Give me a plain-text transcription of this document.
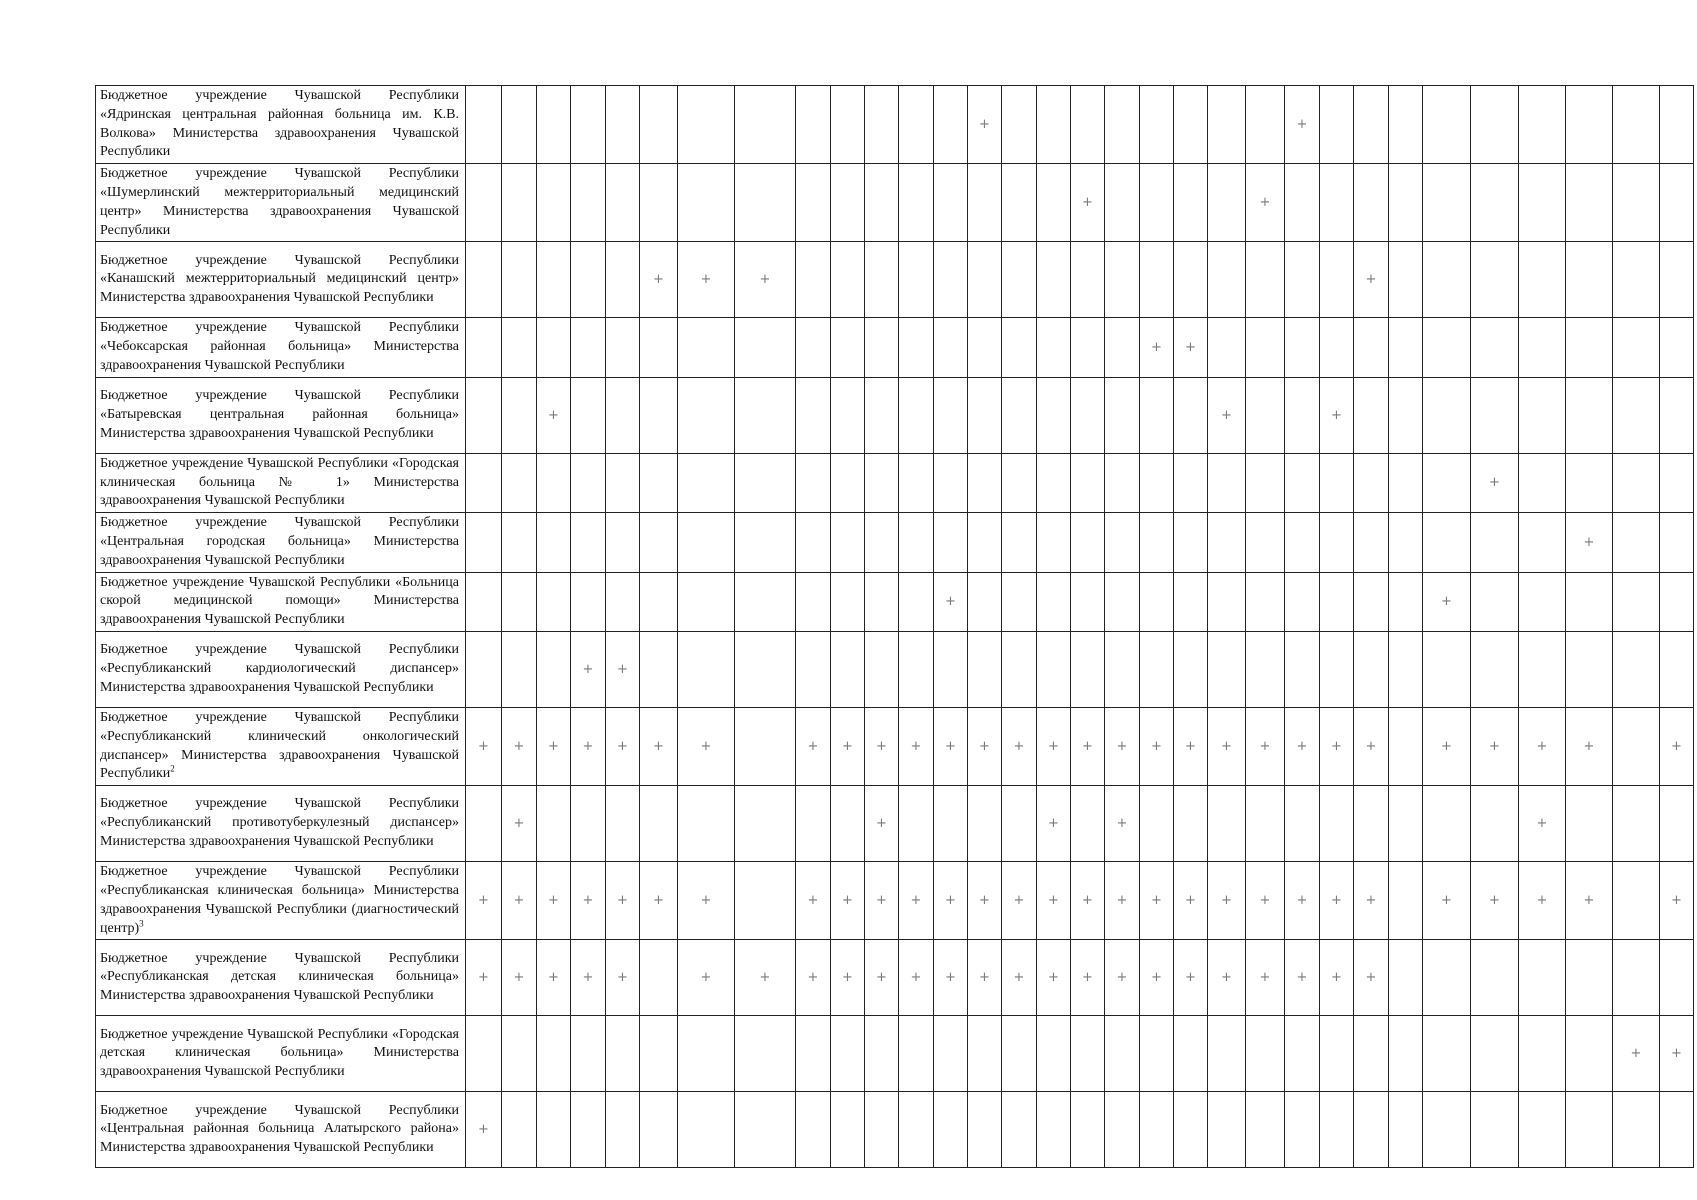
Бюджетное учреждение Чувашской Республики «Ядринская центральная районная больница им. К.В. Волкова» Министерства здравоохранения Чувашской Республики														+									+									
Бюджетное учреждение Чувашской Республики «Шумерлинский межтерриториальный медицинский центр» Министерства здравоохранения Чувашской Республики																	+					+										
Бюджетное учреждение Чувашской Республики «Канашский межтерриториальный медицинский центр» Министерства здравоохранения Чувашской Республики						+	+	+																	+							
Бюджетное учреждение Чувашской Республики «Чебоксарская районная больница» Министерства здравоохранения Чувашской Республики																			+	+												
Бюджетное учреждение Чувашской Республики «Батыревская центральная районная больница» Министерства здравоохранения Чувашской Республики			+																		+			+								
Бюджетное учреждение Чувашской Республики «Городская клиническая больница № 1» Министерства здравоохранения Чувашской Республики																												+				
Бюджетное учреждение Чувашской Республики «Центральная городская больница» Министерства здравоохранения Чувашской Республики																														+		
Бюджетное учреждение Чувашской Республики «Больница скорой медицинской помощи» Министерства здравоохранения Чувашской Республики													+														+					
Бюджетное учреждение Чувашской Республики «Республиканский кардиологический диспансер» Министерства здравоохранения Чувашской Республики				+	+																											
Бюджетное учреждение Чувашской Республики «Республиканский клинический онкологический диспансер» Министерства здравоохранения Чувашской Республики$^2$	+	+	+	+	+	+	+		+	+	+	+	+	+	+	+	+	+	+	+	+	+	+	+	+		+	+	+	+		+
Бюджетное учреждение Чувашской Республики «Республиканский противотуберкулезный диспансер» Министерства здравоохранения Чувашской Республики		+									+					+		+											+			
Бюджетное учреждение Чувашской Республики «Республиканская клиническая больница» Министерства здравоохранения Чувашской Республики (диагностический центр)$^3$	+	+	+	+	+	+	+		+	+	+	+	+	+	+	+	+	+	+	+	+	+	+	+	+		+	+	+	+		+
Бюджетное учреждение Чувашской Республики «Республиканская детская клиническая больница» Министерства здравоохранения Чувашской Республики	+	+	+	+	+		+	+	+	+	+	+	+	+	+	+	+	+	+	+	+	+	+	+	+							
Бюджетное учреждение Чувашской Республики «Городская детская клиническая больница» Министерства здравоохранения Чувашской Республики																															+	+
Бюджетное учреждение Чувашской Республики «Центральная районная больница Алатырского района» Министерства здравоохранения Чувашской Республики	+																															
